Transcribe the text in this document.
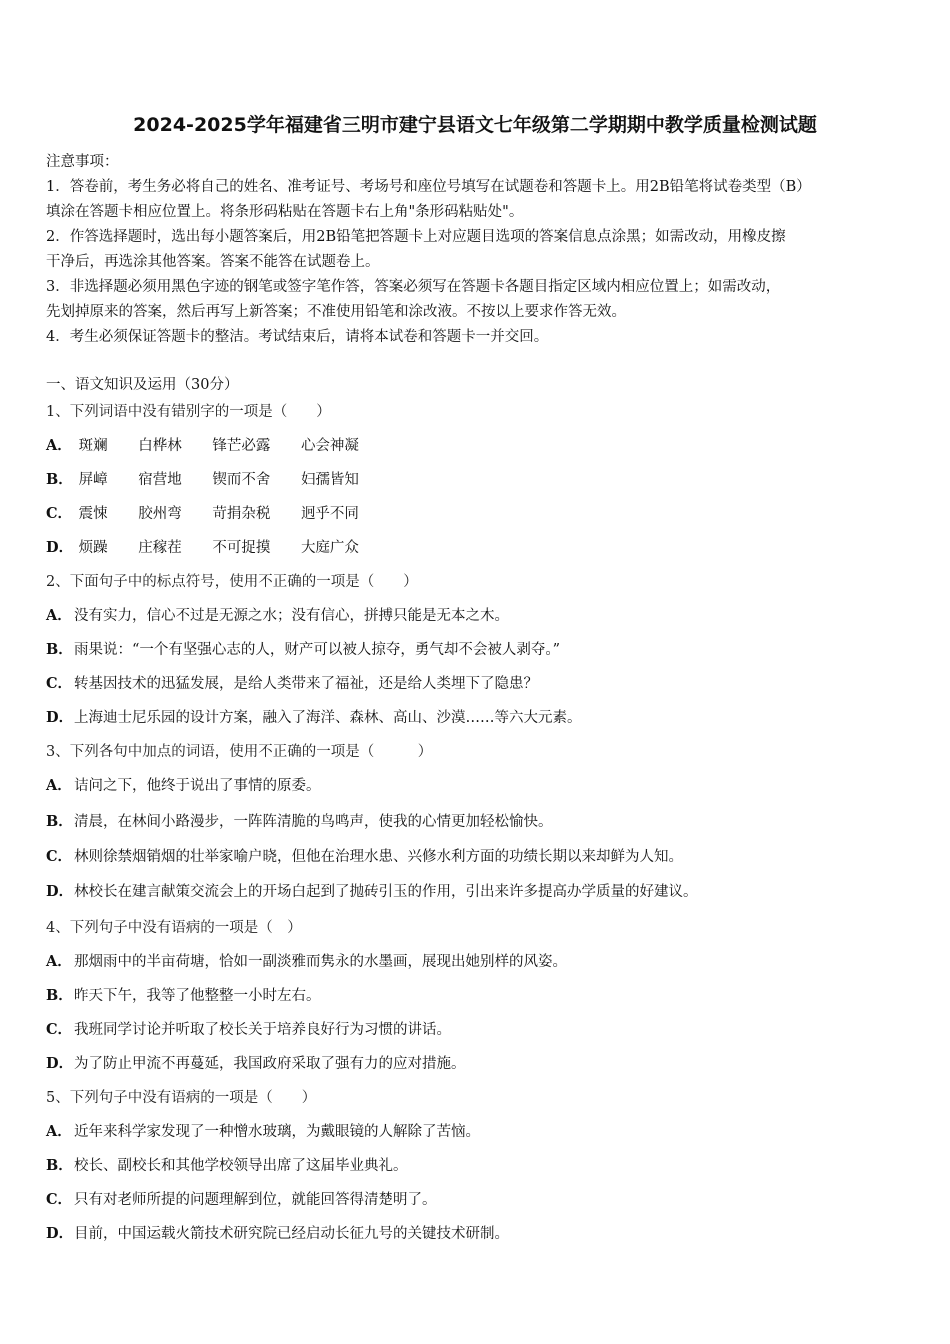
2024-2025学年福建省三明市建宁县语文七年级第二学期期中教学质量检测试题

注意事项：

1．答卷前，考生务必将自己的姓名、准考证号、考场号和座位号填写在试题卷和答题卡上。用2B铅笔将试卷类型（B）

填涂在答题卡相应位置上。将条形码粘贴在答题卡右上角"条形码粘贴处"。

2．作答选择题时，选出每小题答案后，用2B铅笔把答题卡上对应题目选项的答案信息点涂黑；如需改动，用橡皮擦

干净后，再选涂其他答案。答案不能答在试题卷上。

3．非选择题必须用黑色字迹的钢笔或签字笔作答，答案必须写在答题卡各题目指定区域内相应位置上；如需改动，

先划掉原来的答案，然后再写上新答案；不准使用铅笔和涂改液。不按以上要求作答无效。

4．考生必须保证答题卡的整洁。考试结束后，请将本试卷和答题卡一并交回。

一、语文知识及运用（30分）
1、下列词语中没有错别字的一项是（　　）
A． 斑斓 白桦林 锋芒必露 心会神凝
B． 屏嶂 宿营地 锲而不舍 妇孺皆知
C． 震悚 胶州弯 苛捐杂税 迥乎不同
D． 烦躁 庄稼茬 不可捉摸 大庭广众
2、下面句子中的标点符号，使用不正确的一项是（　　）
A． 没有实力，信心不过是无源之水；没有信心，拼搏只能是无本之木。
B．雨果说：“一个有坚强心志的人，财产可以被人掠夺，勇气却不会被人剥夺。”
C． 转基因技术的迅猛发展，是给人类带来了福祉，还是给人类埋下了隐患？
D．上海迪士尼乐园的设计方案，融入了海洋、森林、高山、沙漠……等六大元素。
3、下列各句中加点的词语，使用不正确的一项是（　　　）
A． 诘问之下，他终于说出了事情的原委。
B．清晨，在林间小路漫步，一阵阵清脆的鸟鸣声，使我的心情更加轻松愉快。
C． 林则徐禁烟销烟的壮举家喻户晓，但他在治理水患、兴修水利方面的功绩长期以来却鲜为人知。
D．林校长在建言献策交流会上的开场白起到了抛砖引玉的作用，引出来许多提高办学质量的好建议。
4、下列句子中没有语病的一项是（　）
A． 那烟雨中的半亩荷塘，恰如一副淡雅而隽永的水墨画，展现出她别样的风姿。
B．昨天下午，我等了他整整一小时左右。
C． 我班同学讨论并听取了校长关于培养良好行为习惯的讲话。
D．为了防止甲流不再蔓延，我国政府采取了强有力的应对措施。
5、下列句子中没有语病的一项是（　　）
A． 近年来科学家发现了一种憎水玻璃，为戴眼镜的人解除了苦恼。
B．校长、副校长和其他学校领导出席了这届毕业典礼。
C． 只有对老师所提的问题理解到位，就能回答得清楚明了。
D．目前，中国运载火箭技术研究院已经启动长征九号的关键技术研制。
